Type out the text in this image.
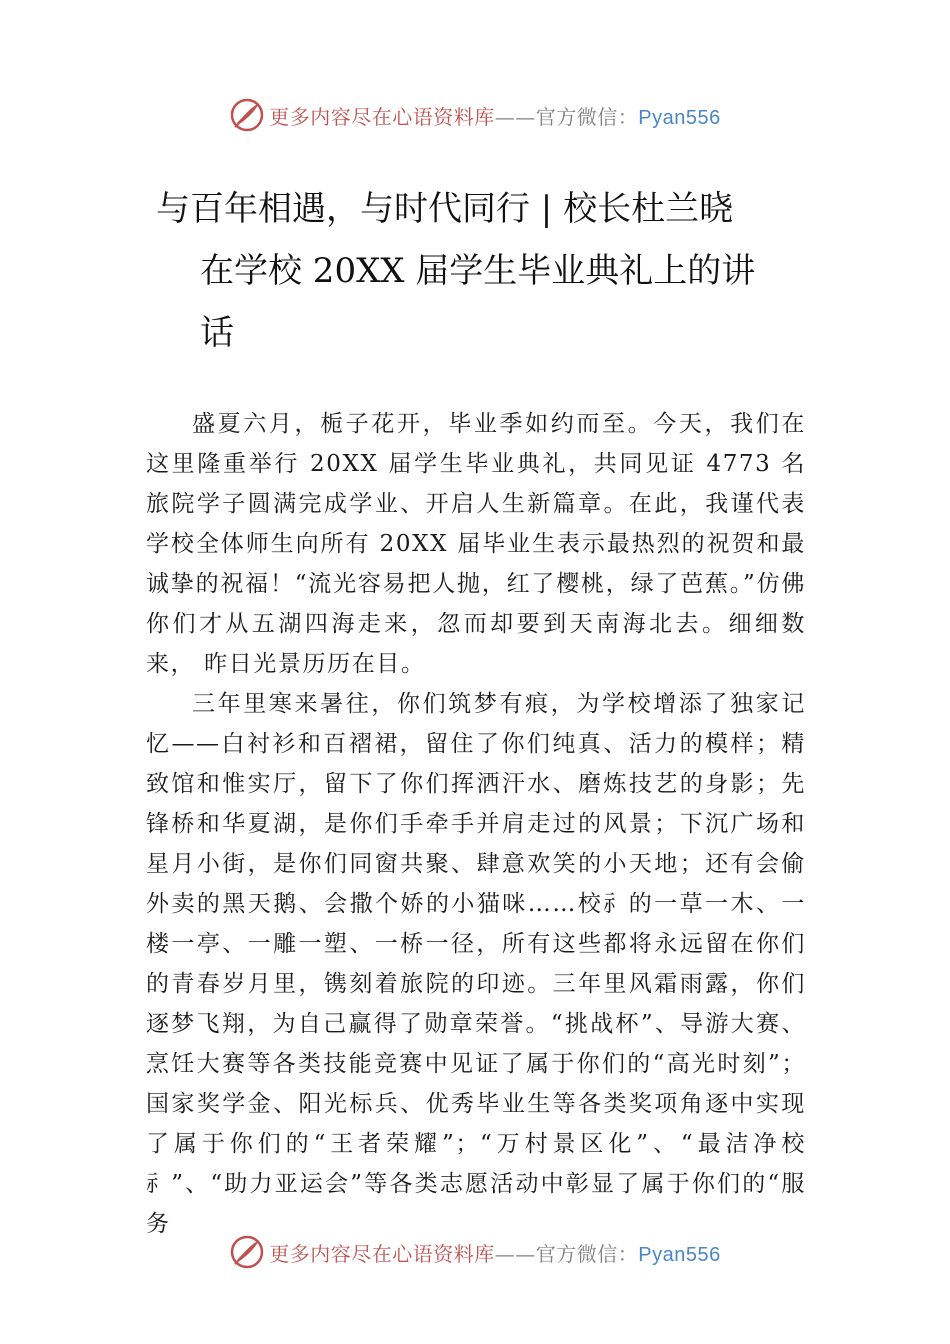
更多内容尽在心语资料库——官方微信：Pyan556
与百年相遇，与时代同行 | 校长杜兰晓
在学校 20XX 届学生毕业典礼上的讲
话

盛夏六月，栀子花开，毕业季如约而至。今天，我们在这里隆重举行 20XX 届学生毕业典礼，共同见证 4773 名旅院学子圆满完成学业、开启人生新篇章。在此，我谨代表学校全体师生向所有 20XX 届毕业生表示最热烈的祝贺和最诚挚的祝福！“流光容易把人抛，红了樱桃，绿了芭蕉。”仿佛你们才从五湖四海走来，忽而却要到天南海北去。细细数来， 昨日光景历历在目。

三年里寒来暑往，你们筑梦有痕，为学校增添了独家记忆——白衬衫和百褶裙，留住了你们纯真、活力的模样；精致馆和惟实厅，留下了你们挥洒汗水、磨炼技艺的身影；先锋桥和华夏湖，是你们手牵手并肩走过的风景；下沉广场和星月小街，是你们同窗共聚、肆意欢笑的小天地；还有会偷外卖的黑天鹅、会撒个娇的小猫咪……校⺬的一草一木、一楼一亭、一雕一塑、一桥一径，所有这些都将永远留在你们的青春岁月里，镌刻着旅院的印迹。三年里风霜雨露，你们逐梦飞翔，为自己赢得了勋章荣誉。“挑战杯”、导游大赛、烹饪大赛等各类技能竞赛中见证了属于你们的“高光时刻”；国家奖学金、阳光标兵、优秀毕业生等各类奖项角逐中实现了属于你们的“王者荣耀”；“万村景区化”、“最洁净校⺬”、“助力亚运会”等各类志愿活动中彰显了属于你们的“服务

更多内容尽在心语资料库——官方微信：Pyan556
